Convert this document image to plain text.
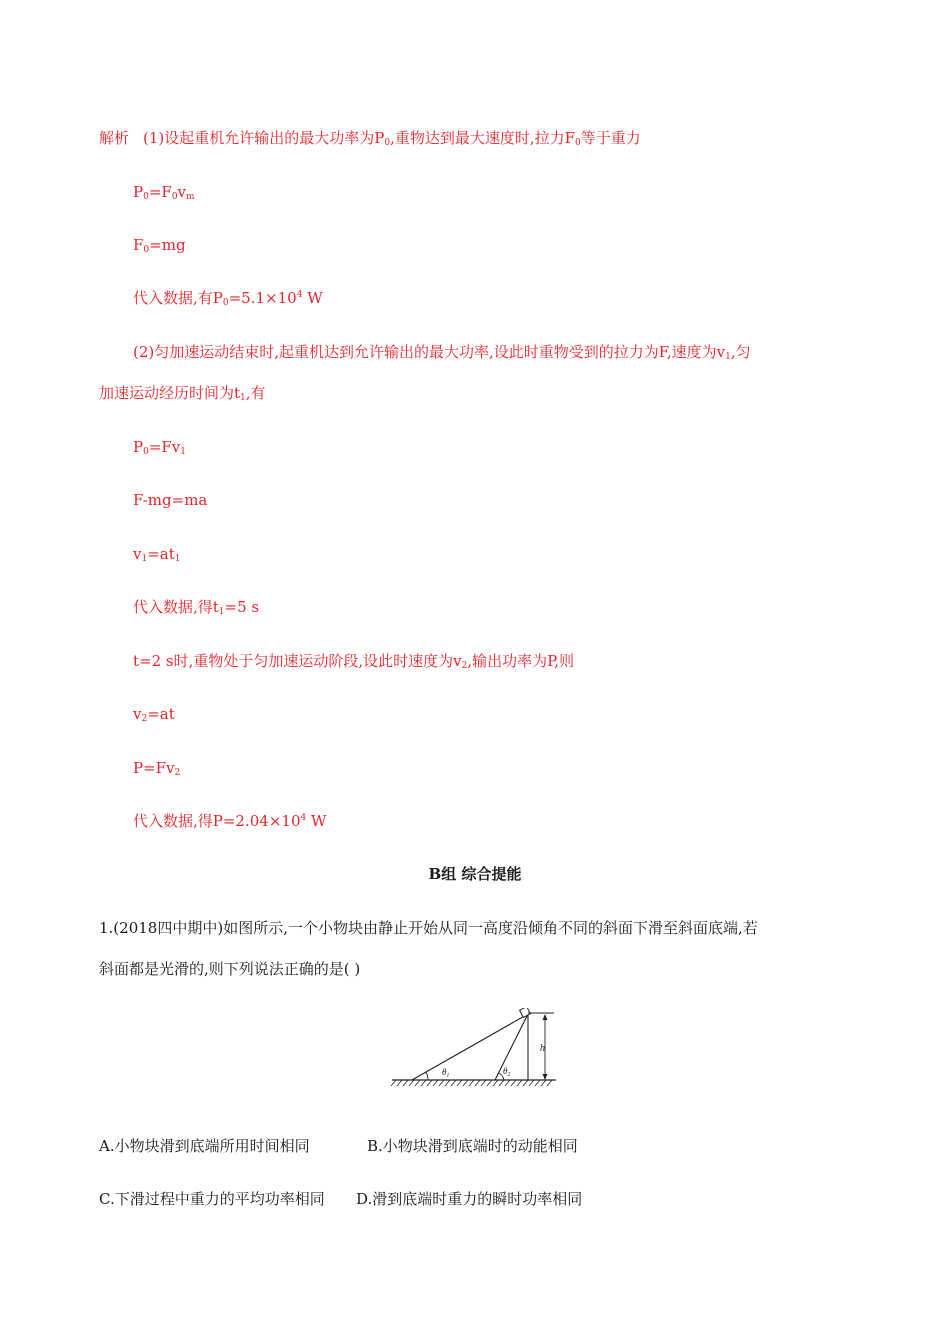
解析 (1)设起重机允许输出的最大功率为$P_0$,重物达到最大速度时,拉力$F_0$等于重力
$P_0=F_0v_m$
$F_0=mg$
代入数据,有$P_0=5.1\times 10^4$ W
(2)匀加速运动结束时,起重机达到允许输出的最大功率,设此时重物受到的拉力为F,速度为$v_1$,匀
加速运动经历时间为$t_1$,有
$P_0=Fv_1$
F-mg=ma
$v_1=at_1$
代入数据,得$t_1=5$ s
t=2 s时,重物处于匀加速运动阶段,设此时速度为$v_2$,输出功率为P,则
$v_2=at$
$P=Fv_2$
代入数据,得$P=2.04\times 10^4$ W
B组 综合提能
1.(2018四中期中)如图所示,一个小物块由静止开始从同一高度沿倾角不同的斜面下滑至斜面底端,若
斜面都是光滑的,则下列说法正确的是( )
h
$\theta_1$	$\theta_2$
A.小物块滑到底端所用时间相同	B.小物块滑到底端时的动能相同
C.下滑过程中重力的平均功率相同 D.滑到底端时重力的瞬时功率相同
